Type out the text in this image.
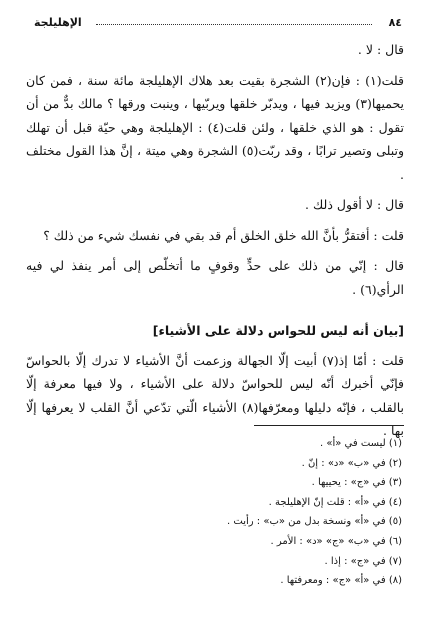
٨٤
الإهليلجة

قال : لا .

قلت(١) : فإن(٢) الشجرة بقيت بعد هلاك الإهليلجة مائة سنة ، فمن كان يحميها(٣) ويزيد فيها ، ويدبّر خلقها ويربّيها ، وينبت ورقها ؟ مالك بدٌّ من أن تقول : هو الذي خلقها ، ولئن قلت(٤) : الإهليلجة وهي حيّة قبل أن تهلك وتبلى وتصير ترابًا ، وقد ربّت(٥) الشجرة وهي ميتة ، إنَّ هذا القول مختلف .

قال : لا أقول ذلك .

قلت : أفتقرُّ بأنَّ الله خلق الخلق أم قد بقي في نفسك شيء من ذلك ؟

قال : إنّي من ذلك على حدٍّ وقوفٍ ما أتخلّص إلى أمر ينفذ لي فيه الرأي(٦) .

[بيان أنه ليس للحواس دلالة على الأشياء]

قلت : أمّا إذ(٧) أبيت إلّا الجهالة وزعمت أنَّ الأشياء لا تدرك إلّا بالحواسّ فإنّي أخبرك أنّه ليس للحواسّ دلالة على الأشياء ، ولا فيها معرفة إلّا بالقلب ، فإنّه دليلها ومعرّفها(٨) الأشياء الّتي تدّعي أنَّ القلب لا يعرفها إلّا بها .

(١) ليست في «أ» .
(٢) في «ب» «د» : إنّ .
(٣) في «ج» : يحييها .
(٤) في «أ» : قلت إنّ الإهليلجة .
(٥) في «أ» ونسخة بدل من «ب» : رأيت .
(٦) في «ب» «ج» «د» : الأمر .
(٧) في «ج» : إذا .
(٨) في «أ» «ج» : ومعرفتها .
